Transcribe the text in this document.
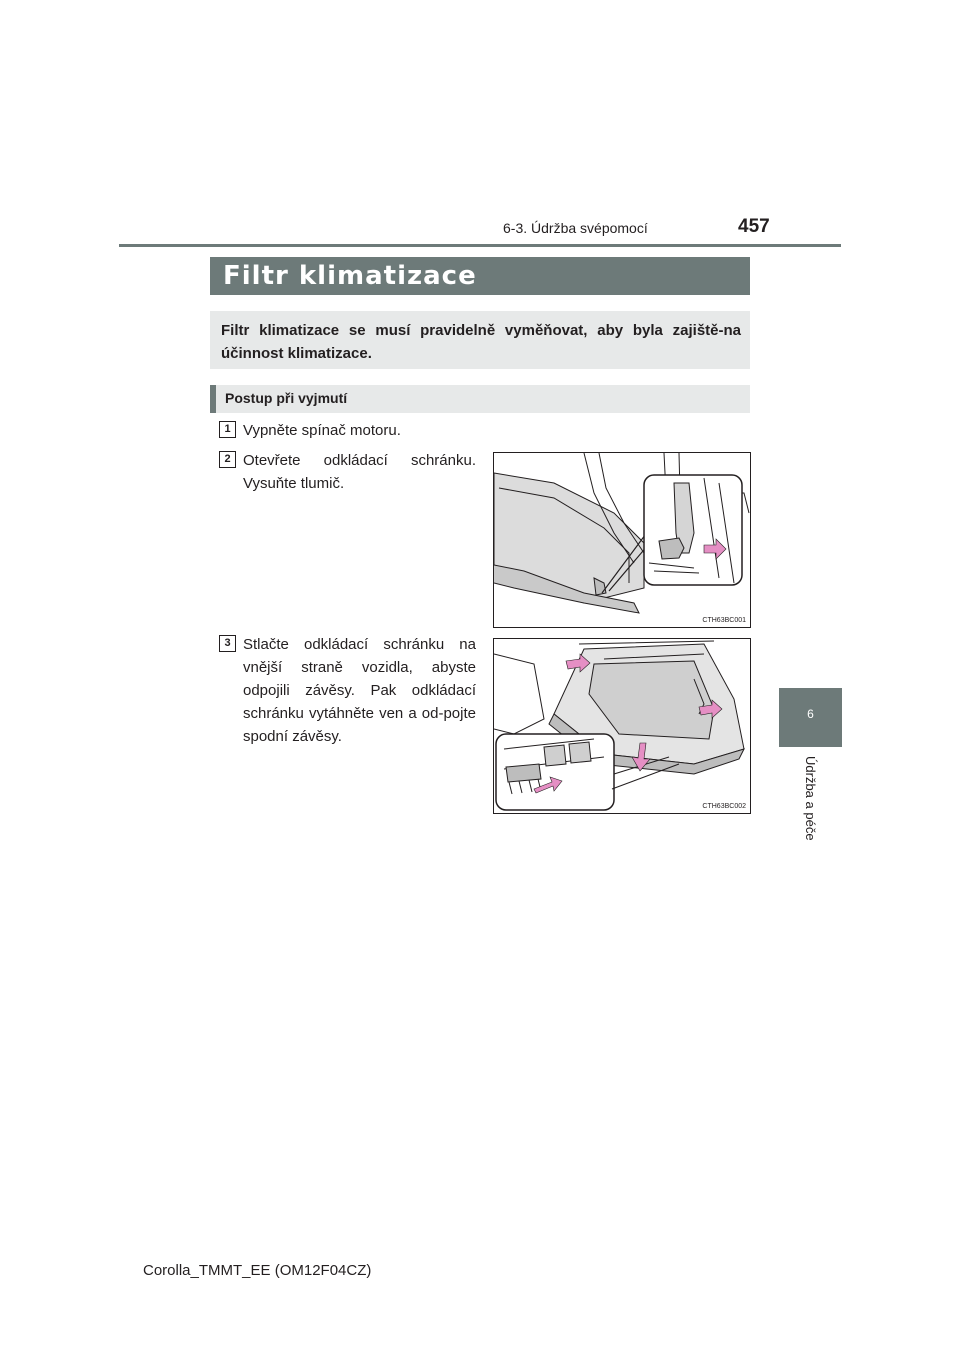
6-3. Údržba svépomocí	457
6
Údržba a péče
Filtr klimatizace
Filtr klimatizace se musí pravidelně vyměňovat, aby byla zajiště-na účinnost klimatizace.
Postup při vyjmutí
1 Vypněte spínač motoru.
2 Otevřete odkládací schránku. Vysuňte tlumič.
3 Stlačte odkládací schránku na vnější straně vozidla, abyste odpojili závěsy. Pak odkládací schránku vytáhněte ven a od-pojte spodní závěsy.
CTH63BC001
CTH63BC002
Corolla_TMMT_EE (OM12F04CZ)
